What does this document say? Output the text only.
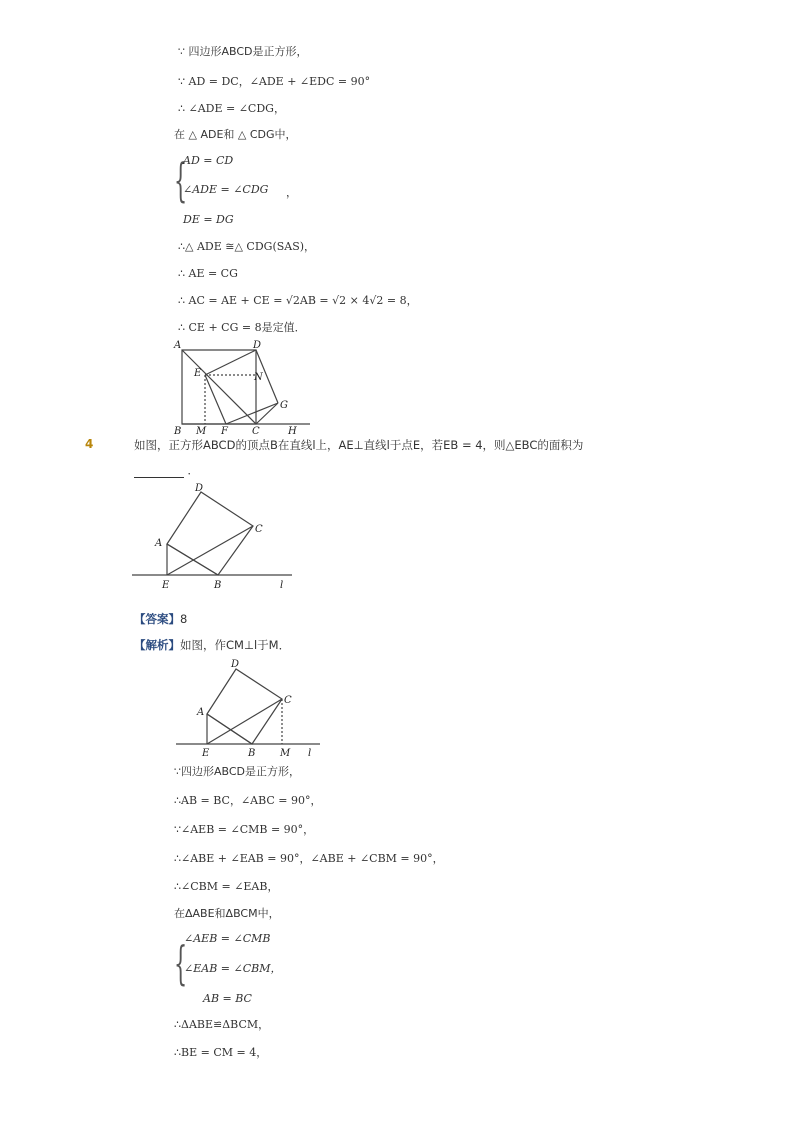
∵ 四边形ABCD是正方形，
∵ AD = DC，∠ADE + ∠EDC = 90°
∴ ∠ADE = ∠CDG，
在 △ ADE和 △ CDG中，
{
AD = CD
∠ADE = ∠CDG ，
DE = DG
∴△ ADE ≅△ CDG(SAS)，
∴ AE = CG
∴ AC = AE + CE = √2AB = √2 × 4√2 = 8，
∴ CE + CG = 8是定值．
A	D
E	N
G
B M F C	H
4	如图，正方形ABCD的顶点B在直线l上，AE⊥直线l于点E，若EB = 4，则△EBC的面积为
．
D
A
C
E	B	l
【答案】8
【解析】如图，作CM⊥l于M．
D
A
C
E	B M l
∵四边形ABCD是正方形，
∴AB = BC，∠ABC = 90°，
∵∠AEB = ∠CMB = 90°，
∴∠ABE + ∠EAB = 90°，∠ABE + ∠CBM = 90°，
∴∠CBM = ∠EAB，
在ΔABE和ΔBCM中，
{
∠AEB = ∠CMB
∠EAB = ∠CBM，
AB = BC
∴ΔABE≌ΔBCM，
∴BE = CM = 4，
